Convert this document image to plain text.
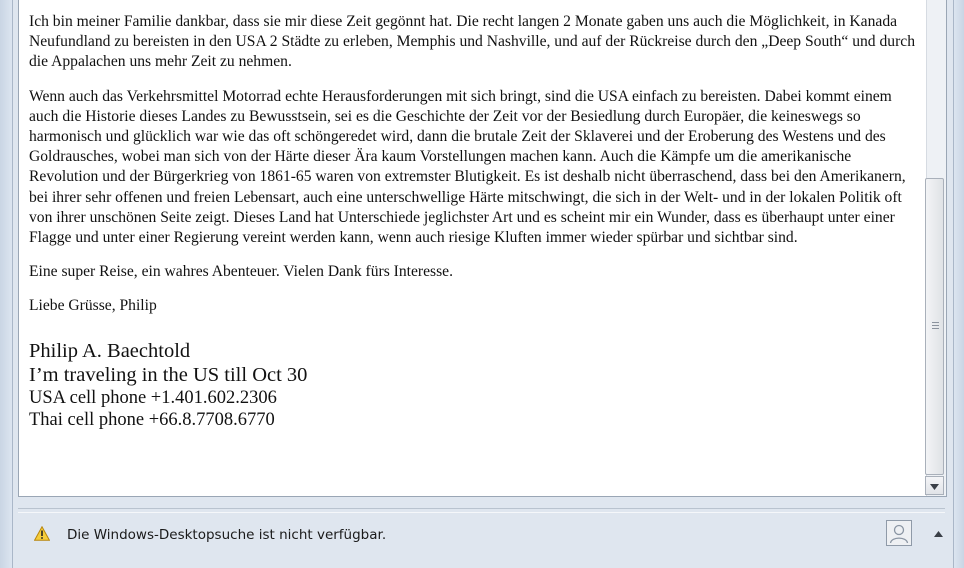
Ich bin meiner Familie dankbar, dass sie mir diese Zeit gegönnt hat. Die recht langen 2 Monate gaben uns auch die Möglichkeit, in Kanada Neufundland zu bereisten in den USA 2 Städte zu erleben, Memphis und Nashville, und auf der Rückreise durch den „Deep South“ und durch die Appalachen uns mehr Zeit zu nehmen.

Wenn auch das Verkehrsmittel Motorrad echte Herausforderungen mit sich bringt, sind die USA einfach zu bereisten. Dabei kommt einem auch die Historie dieses Landes zu Bewusstsein, sei es die Geschichte der Zeit vor der Besiedlung durch Europäer, die keineswegs so harmonisch und glücklich war wie das oft schöngeredet wird, dann die brutale Zeit der Sklaverei und der Eroberung des Westens und des Goldrausches, wobei man sich von der Härte dieser Ära kaum Vorstellungen machen kann. Auch die Kämpfe um die amerikanische Revolution und der Bürgerkrieg von 1861-65 waren von extremster Blutigkeit. Es ist deshalb nicht überraschend, dass bei den Amerikanern, bei ihrer sehr offenen und freien Lebensart, auch eine unterschwellige Härte mitschwingt, die sich in der Welt- und in der lokalen Politik oft von ihrer unschönen Seite zeigt. Dieses Land hat Unterschiede jeglichster Art und es scheint mir ein Wunder, dass es überhaupt unter einer Flagge und unter einer Regierung vereint werden kann, wenn auch riesige Kluften immer wieder spürbar und sichtbar sind.

Eine super Reise, ein wahres Abenteuer. Vielen Dank fürs Interesse.

Liebe Grüsse, Philip

Philip A. Baechtold
I’m traveling in the US till Oct 30
USA cell phone +1.401.602.2306
Thai cell phone +66.8.7708.6770
Die Windows-Desktopsuche ist nicht verfügbar.
